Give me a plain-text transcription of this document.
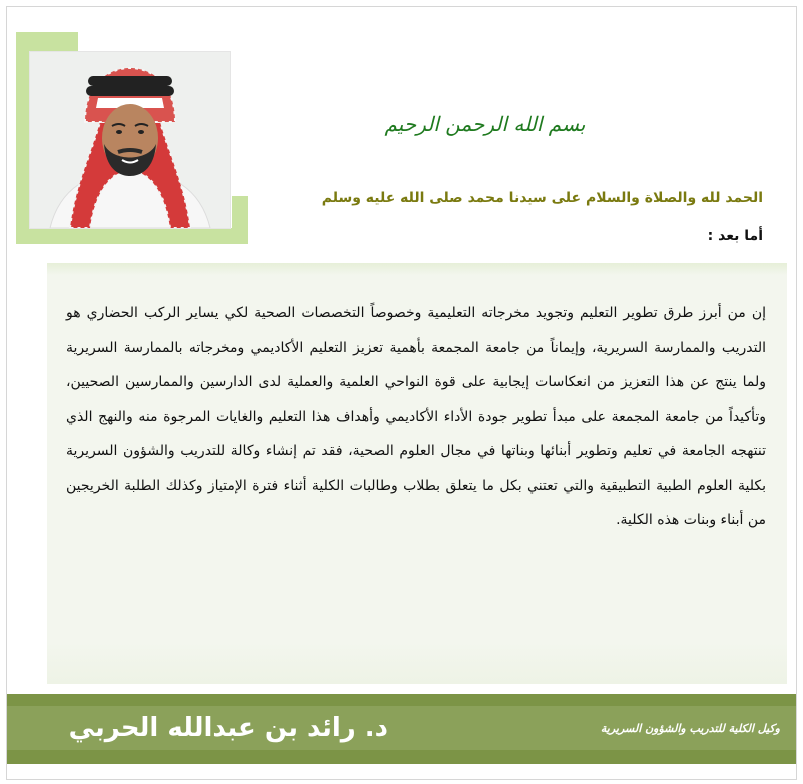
بسم الله الرحمن الرحيم
الحمد لله والصلاة والسلام على سيدنا محمد صلى الله عليه وسلم
أما بعد :
إن من أبرز طرق تطوير التعليم وتجويد مخرجاته التعليمية وخصوصاً التخصصات الصحية لكي يساير الركب الحضاري هو التدريب والممارسة السريرية، وإيماناً من جامعة المجمعة بأهمية تعزيز التعليم الأكاديمي ومخرجاته بالممارسة السريرية ولما ينتج عن هذا التعزيز من انعكاسات إيجابية على قوة النواحي العلمية والعملية لدى الدارسين والممارسين الصحيين، وتأكيداً من جامعة المجمعة على مبدأ تطوير جودة الأداء الأكاديمي وأهداف هذا التعليم والغايات المرجوة منه والنهج الذي تنتهجه الجامعة في تعليم وتطوير أبنائها وبناتها في مجال العلوم الصحية، فقد تم إنشاء وكالة للتدريب والشؤون السريرية بكلية العلوم الطبية التطبيقية والتي تعتني بكل ما يتعلق بطلاب وطالبات الكلية أثناء فترة الإمتياز وكذلك الطلبة الخريجين من أبناء وبنات هذه الكلية.
د. رائد بن عبدالله الحربي	وكيل الكلية للتدريب والشؤون السريرية
